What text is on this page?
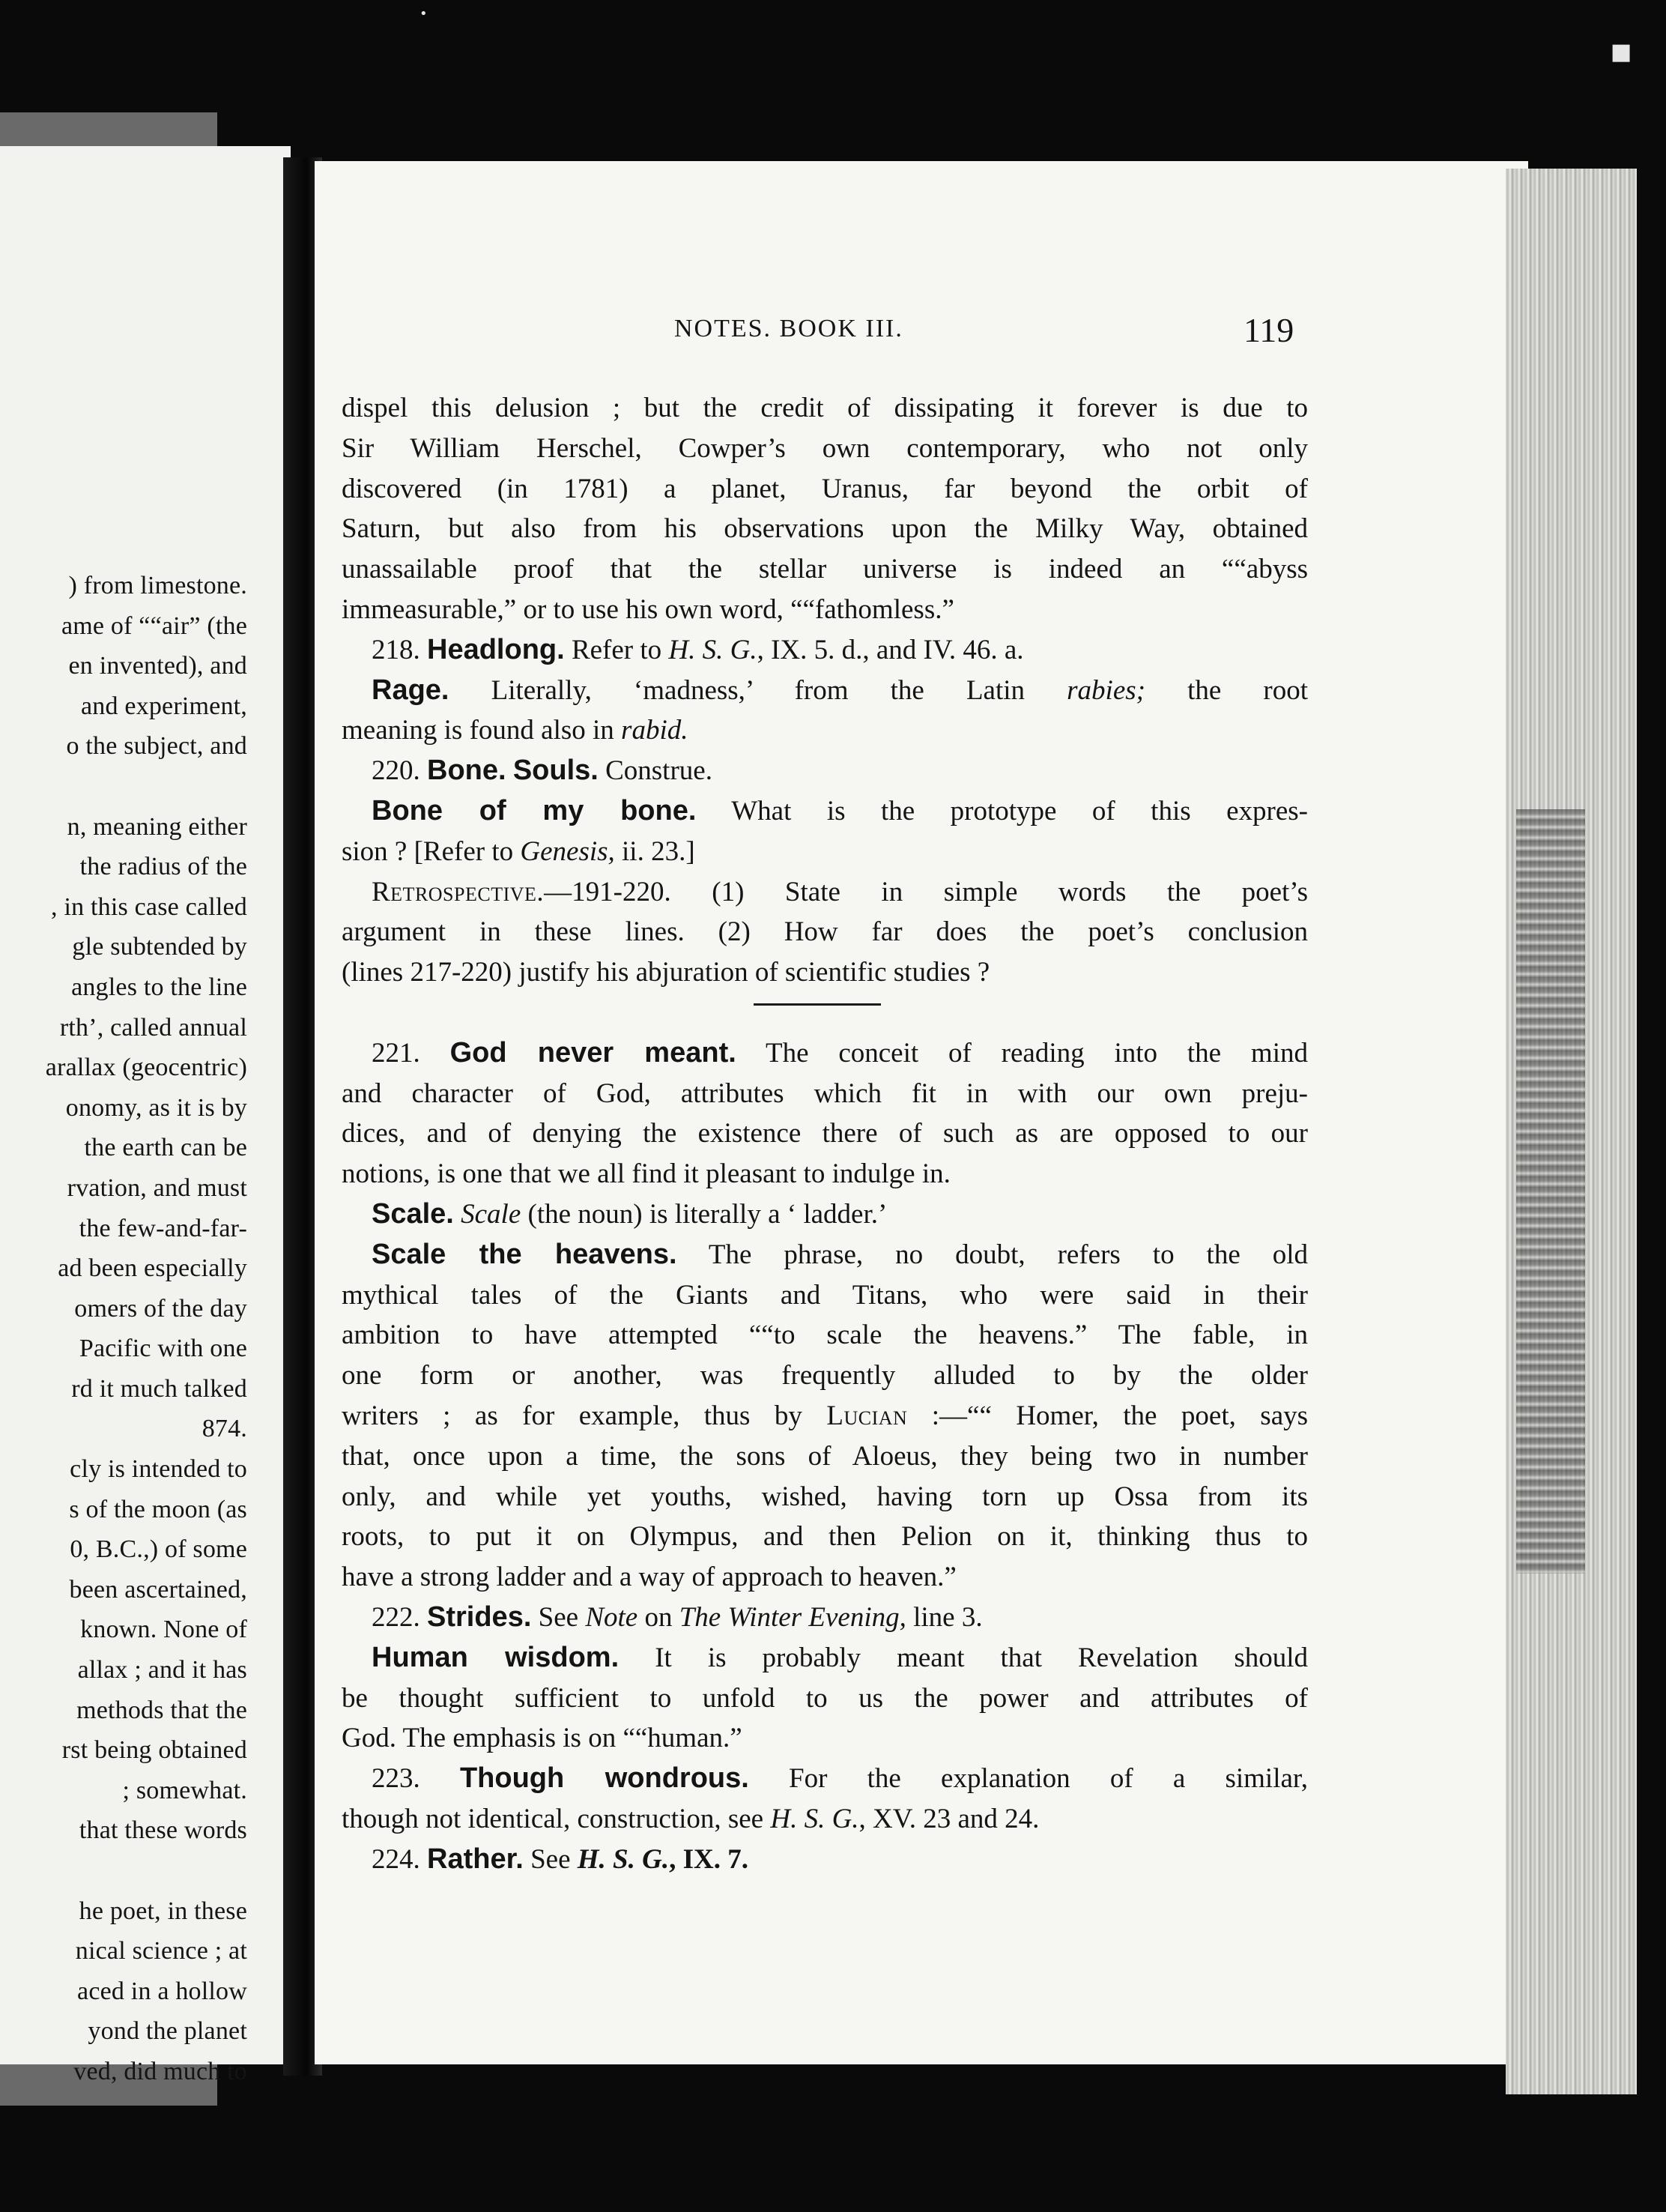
■
•
) from limestone.
ame of ““air” (the
en invented), and
and experiment,
o the subject, and
n, meaning either
the radius of the
, in this case called
gle subtended by
angles to the line
rth’, called annual
arallax (geocentric)
onomy, as it is by
the earth can be
rvation, and must
the few-and-far-
ad been especially
omers of the day
Pacific with one
rd it much talked
874.
cly is intended to
s of the moon (as
0, B.C.,) of some
been ascertained,
known. None of
allax ; and it has
methods that the
rst being obtained
; somewhat.
that these words
he poet, in these
nical science ; at
aced in a hollow
yond the planet
ved, did much to
NOTES. BOOK III.	119
dispel this delusion ; but the credit of dissipating it forever is due to
Sir William Herschel, Cowper’s own contemporary, who not only
discovered (in 1781) a planet, Uranus, far beyond the orbit of
Saturn, but also from his observations upon the Milky Way, obtained
unassailable proof that the stellar universe is indeed an ““abyss
immeasurable,” or to use his own word, ““fathomless.”
218. Headlong. Refer to H. S. G., IX. 5. d., and IV. 46. a.
Rage. Literally, ‘madness,’ from the Latin rabies; the root
meaning is found also in rabid.
220. Bone. Souls. Construe.
Bone of my bone. What is the prototype of this expres-
sion ? [Refer to Genesis, ii. 23.]
Retrospective.—191-220. (1) State in simple words the poet’s
argument in these lines. (2) How far does the poet’s conclusion
(lines 217-220) justify his abjuration of scientific studies ?
221. God never meant. The conceit of reading into the mind
and character of God, attributes which fit in with our own preju-
dices, and of denying the existence there of such as are opposed to our
notions, is one that we all find it pleasant to indulge in.
Scale. Scale (the noun) is literally a ‘ ladder.’
Scale the heavens. The phrase, no doubt, refers to the old
mythical tales of the Giants and Titans, who were said in their
ambition to have attempted ““to scale the heavens.” The fable, in
one form or another, was frequently alluded to by the older
writers ; as for example, thus by Lucian :—““ Homer, the poet, says
that, once upon a time, the sons of Aloeus, they being two in number
only, and while yet youths, wished, having torn up Ossa from its
roots, to put it on Olympus, and then Pelion on it, thinking thus to
have a strong ladder and a way of approach to heaven.”
222. Strides. See Note on The Winter Evening, line 3.
Human wisdom. It is probably meant that Revelation should
be thought sufficient to unfold to us the power and attributes of
God. The emphasis is on ““human.”
223. Though wondrous. For the explanation of a similar,
though not identical, construction, see H. S. G., XV. 23 and 24.
224. Rather. See H. S. G., IX. 7.
